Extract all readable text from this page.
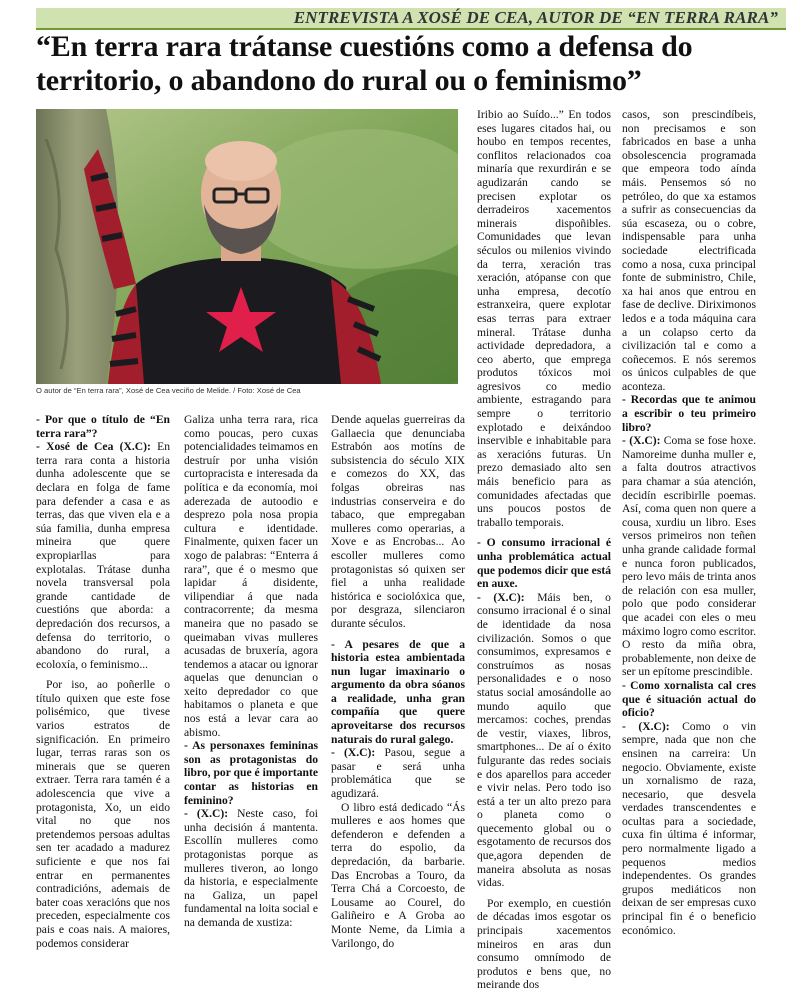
ENTREVISTA A XOSÉ DE CEA, AUTOR DE “EN TERRA RARA”
“En terra rara trátanse cuestións como a defensa do territorio, o abandono do rural ou o feminismo”
O autor de “En terra rara”, Xosé de Cea veciño de Melide. / Foto: Xosé de Cea

- Por que o título de “En terra rara”?

- Xosé de Cea (X.C): En terra rara conta a historia dunha adolescente que se declara en folga de fame para defender a casa e as terras, das que viven ela e a súa familia, dunha empresa mineira que quere expropiarllas para explotalas. Trátase dunha novela transversal pola grande cantidade de cuestións que aborda: a depredación dos recursos, a defensa do territorio, o abandono do rural, a ecoloxía, o feminismo...

Por iso, ao poñerlle o título quixen que este fose polisémico, que tivese varios estratos de significación. En primeiro lugar, terras raras son os minerais que se queren extraer. Terra rara tamén é a adolescencia que vive a protagonista, Xo, un eido vital no que nos pretendemos persoas adultas sen ter acadado a madurez suficiente e que nos fai entrar en permanentes contradicións, ademais de bater coas xeracións que nos preceden, especialmente cos pais e coas nais. A maiores, podemos considerar

Galiza unha terra rara, rica como poucas, pero cuxas potencialidades teimamos en destruír por unha visión curtopracista e interesada da política e da economía, moi aderezada de autoodio e desprezo pola nosa propia cultura e identidade. Finalmente, quixen facer un xogo de palabras: “Enterra á rara”, que é o mesmo que lapidar á disidente, vilipendiar á que nada contracorrente; da mesma maneira que no pasado se queimaban vivas mulleres acusadas de bruxería, agora tendemos a atacar ou ignorar aquelas que denuncian o xeito depredador co que habitamos o planeta e que nos está a levar cara ao abismo.

- As personaxes femininas son as protagonistas do libro, por que é importante contar as historias en feminino?

- (X.C): Neste caso, foi unha decisión á mantenta. Escollín mulleres como protagonistas porque as mulleres tiveron, ao longo da historia, e especialmente na Galiza, un papel fundamental na loita social e na demanda de xustiza:

Dende aquelas guerreiras da Gallaecia que denunciaba Estrabón aos motíns de subsistencia do século XIX e comezos do XX, das folgas obreiras nas industrias conserveira e do tabaco, que empregaban mulleres como operarias, a Xove e as Encrobas... Ao escoller mulleres como protagonistas só quixen ser fiel a unha realidade histórica e sociolóxica que, por desgraza, silenciaron durante séculos.

- A pesares de que a historia estea ambientada nun lugar imaxinario o argumento da obra sóanos a realidade, unha gran compañía que quere aproveitarse dos recursos naturais do rural galego.

- (X.C): Pasou, segue a pasar e será unha problemática que se agudizará.

O libro está dedicado “Ás mulleres e aos homes que defenderon e defenden a terra do espolio, da depredación, da barbarie. Das Encrobas a Touro, da Terra Chá a Corcoesto, de Lousame ao Courel, do Galiñeiro e A Groba ao Monte Neme, da Limia a Varilongo, do

Iribio ao Suído...” En todos eses lugares citados hai, ou houbo en tempos recentes, conflitos relacionados coa minaría que rexurdirán e se agudizarán cando se precisen explotar os derradeiros xacementos minerais dispoñibles. Comunidades que levan séculos ou milenios vivindo da terra, xeración tras xeración, atópanse con que unha empresa, decotío estranxeira, quere explotar esas terras para extraer mineral. Trátase dunha actividade depredadora, a ceo aberto, que emprega produtos tóxicos moi agresivos co medio ambiente, estragando para sempre o territorio explotado e deixándoo inservible e inhabitable para as xeracións futuras. Un prezo demasiado alto sen máis beneficio para as comunidades afectadas que uns poucos postos de traballo temporais.

- O consumo irracional é unha problemática actual que podemos dicir que está en auxe.

- (X.C): Máis ben, o consumo irracional é o sinal de identidade da nosa civilización. Somos o que consumimos, expresamos e construímos as nosas personalidades e o noso status social amosándolle ao mundo aquilo que mercamos: coches, prendas de vestir, viaxes, libros, smartphones... De aí o éxito fulgurante das redes sociais e dos aparellos para acceder e vivir nelas. Pero todo iso está a ter un alto prezo para o planeta como o quecemento global ou o esgotamento de recursos dos que,agora dependen de maneira absoluta as nosas vidas.

Por exemplo, en cuestión de décadas imos esgotar os principais xacementos mineiros en aras dun consumo omnímodo de produtos e bens que, no meirande dos

casos, son prescindíbeis, non precisamos e son fabricados en base a unha obsolescencia programada que empeora todo aínda máis. Pensemos só no petróleo, do que xa estamos a sufrir as consecuencias da súa escaseza, ou o cobre, indispensable para unha sociedade electrificada como a nosa, cuxa principal fonte de subministro, Chile, xa hai anos que entrou en fase de declive. Diriximonos ledos e a toda máquina cara a un colapso certo da civilización tal e como a coñecemos. E nós seremos os únicos culpables de que aconteza.

- Recordas que te animou a escribir o teu primeiro libro?

- (X.C): Coma se fose hoxe. Namoreime dunha muller e, a falta doutros atractivos para chamar a súa atención, decidín escribirlle poemas. Así, coma quen non quere a cousa, xurdiu un libro. Eses versos primeiros non teñen unha grande calidade formal e nunca foron publicados, pero levo máis de trinta anos de relación con esa muller, polo que podo considerar que acadei con eles o meu máximo logro como escritor. O resto da miña obra, probablemente, non deixe de ser un epítome prescindible.

- Como xornalista cal cres que é situación actual do oficio?

- (X.C): Como o vin sempre, nada que non che ensinen na carreira: Un negocio. Obviamente, existe un xornalismo de raza, necesario, que desvela verdades transcendentes e ocultas para a sociedade, cuxa fin última é informar, pero normalmente ligado a pequenos medios independentes. Os grandes grupos mediáticos non deixan de ser empresas cuxo principal fin é o beneficio económico.
